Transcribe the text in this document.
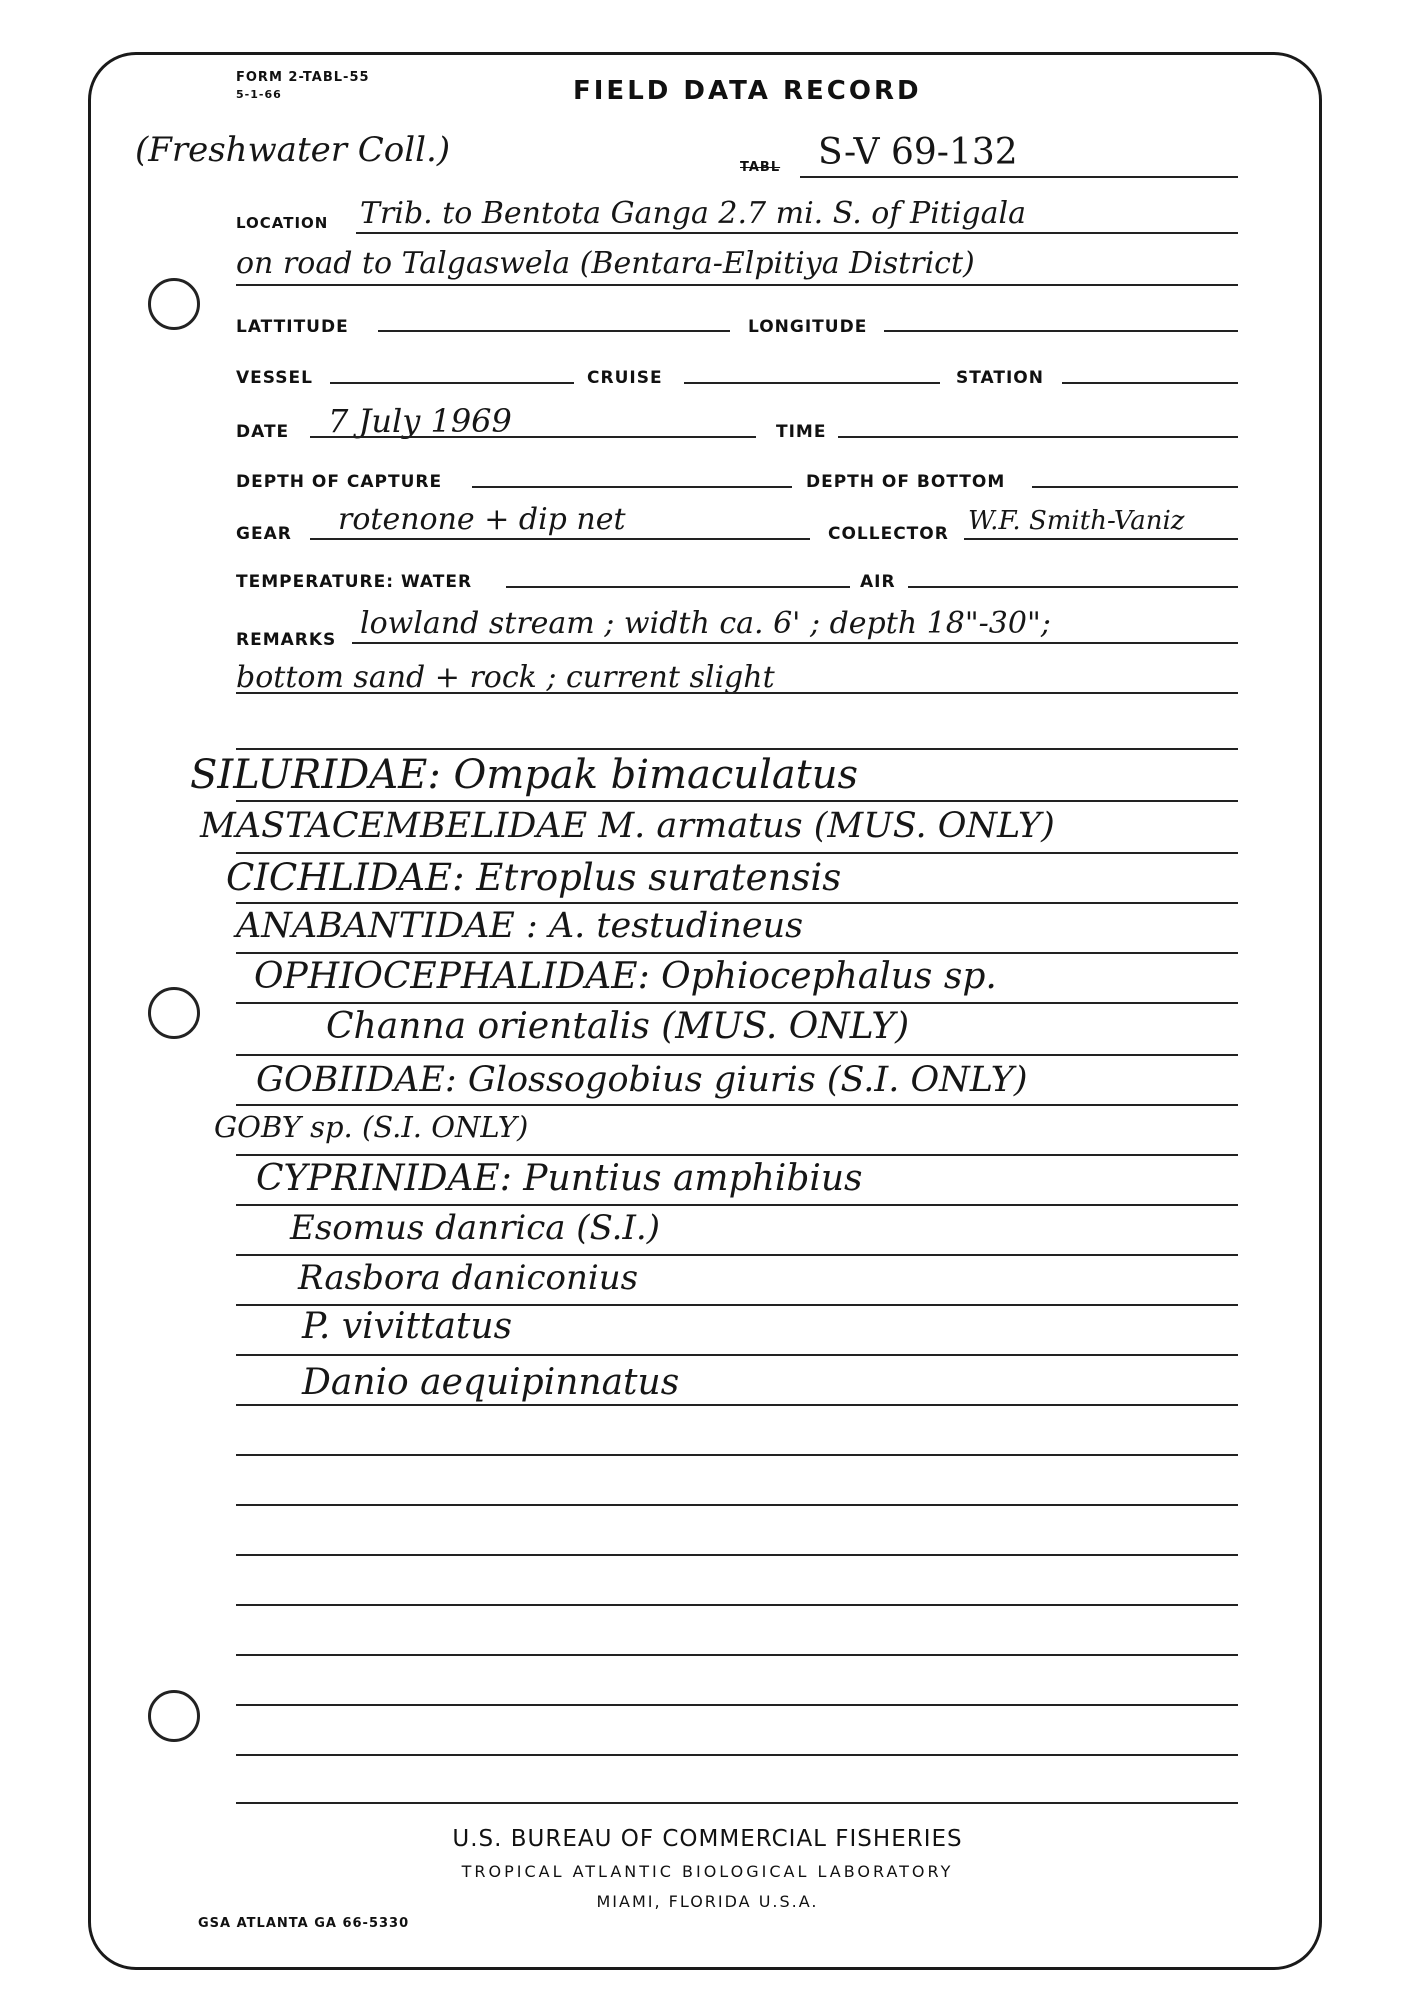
FORM 2-TABL-55
5-1-66	FIELD DATA RECORD
(Freshwater Coll.)	TABL S-V 69-132
LOCATION Trib. to Bentota Ganga 2.7 mi. S. of Pitigala
on road to Talgaswela (Bentara-Elpitiya District)
LATTITUDE	LONGITUDE
VESSEL	CRUISE	STATION
DATE 7 July 1969	TIME
DEPTH OF CAPTURE	DEPTH OF BOTTOM
GEAR rotenone + dip net	COLLECTOR W.F. Smith-Vaniz
TEMPERATURE: WATER	AIR
REMARKS lowland stream ; width ca. 6' ; depth 18"-30";
bottom sand + rock ; current slight
SILURIDAE: Ompak bimaculatus
MASTACEMBELIDAE M. armatus (MUS. ONLY)
CICHLIDAE: Etroplus suratensis
ANABANTIDAE : A. testudineus
OPHIOCEPHALIDAE: Ophiocephalus sp.
Channa orientalis (MUS. ONLY)
GOBIIDAE: Glossogobius giuris (S.I. ONLY)
GOBY sp. (S.I. ONLY)
CYPRINIDAE: Puntius amphibius
Esomus danrica (S.I.)
Rasbora daniconius
P. vivittatus
Danio aequipinnatus
U.S. BUREAU OF COMMERCIAL FISHERIES
TROPICAL ATLANTIC BIOLOGICAL LABORATORY
MIAMI, FLORIDA U.S.A.
GSA ATLANTA GA 66-5330
